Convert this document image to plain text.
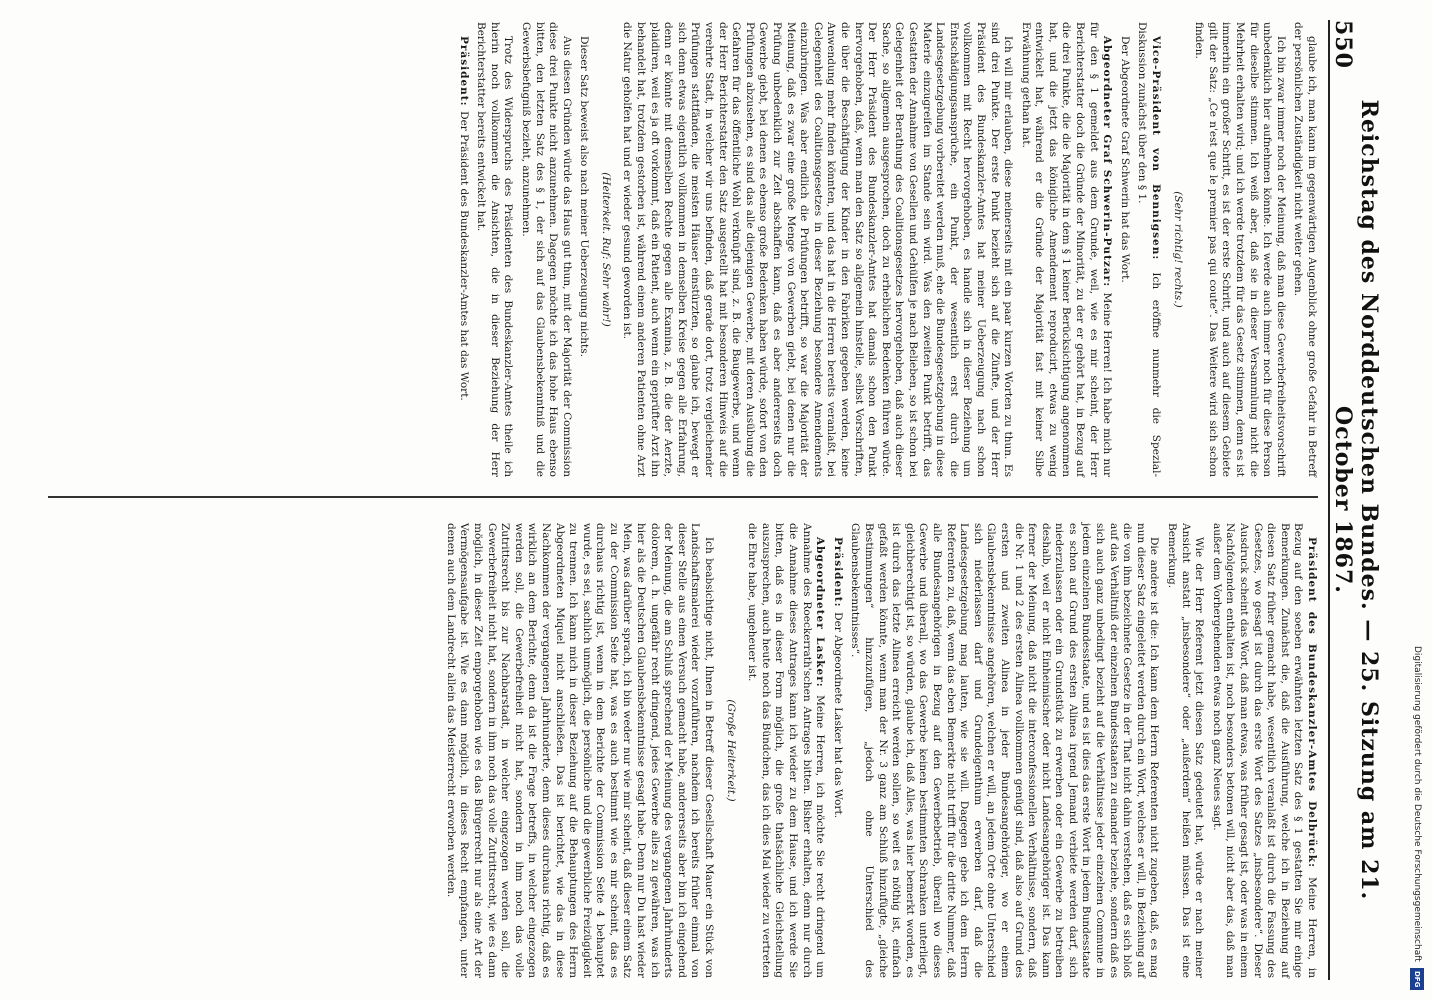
550
Reichstag des Norddeutschen Bundes. — 25. Sitzung am 21. October 1867.

glaube ich, man kann im gegenwärtigen Augenblick ohne große Gefahr in Betreff der persönlichen Zuständigkeit nicht weiter gehen.

Ich bin zwar immer noch der Meinung, daß man diese Gewerbefreiheitsvorschrift unbedenklich hier aufnehmen könnte. Ich werde auch immer noch für diese Person für dieselbe stimmen. Ich weiß aber, daß sie in dieser Versammlung nicht die Mehrheit erhalten wird; und ich werde trotzdem für das Gesetz stimmen, denn es ist immerhin ein großer Schritt, es ist der erste Schritt, und auch auf diesem Gebiete gilt der Satz: „Ce n'est que le premier pas qui coute“. Das Weitere wird sich schon finden.

(Sehr richtig! rechts.)

Vice-Präsident von Bennigsen: Ich eröffne nunmehr die Spezial-Diskussion zunächst über den § 1.

Der Abgeordnete Graf Schwerin hat das Wort.

Abgeordneter Graf Schwerin-Putzar: Meine Herren! Ich habe mich nur für den § 1 gemeldet aus dem Grunde, weil, wie es mir scheint, der Herr Berichterstatter doch die Gründe der Minorität, zu der er gehört hat, in Bezug auf die drei Punkte, die die Majorität in dem § 1 keiner Berücksichtigung angenommen hat, und die jetzt das königliche Amendement reproducirt, etwas zu wenig entwickelt hat, während er die Gründe der Majorität fast mit keiner Silbe Erwähnung gethan hat.

Ich will mir erlauben, diese meinerseits mit ein paar kurzen Worten zu thun. Es sind drei Punkte. Der erste Punkt bezieht sich auf die Zünfte, und der Herr Präsident des Bundeskanzler-Amtes hat meiner Ueberzeugung nach schon vollkommen mit Recht hervorgehoben, es handle sich in dieser Beziehung um Entschädigungsansprüche, ein Punkt, der wesentlich erst durch die Landesgesetzgebung vorbereitet werden muß, ehe die Bundesgesetzgebung in diese Materie einzugreifen im Stande sein wird. Was den zweiten Punkt betrifft, das Gestatten der Annahme von Gesellen und Gehülfen je nach Belieben, so ist schon bei Gelegenheit der Berathung des Coalitionsgesetzes hervorgehoben, daß auch dieser Sache, so allgemein ausgesprochen, doch zu erheblichen Bedenken führen würde. Der Herr Präsident des Bundeskanzler-Amtes hat damals schon den Punkt hervorgehoben, daß, wenn man den Satz so allgemein hinstelle, selbst Vorschriften, die über die Beschäftigung der Kinder in den Fabriken gegeben werden, keine Anwendung mehr finden könnten, und das hat in die Herren bereits veranlaßt, bei Gelegenheit des Coalitionsgesetzes in dieser Beziehung besondere Amendements einzubringen. Was aber endlich die Prüfungen betrifft, so war die Majorität der Meinung, daß es zwar eine große Menge von Gewerben giebt, bei denen nur die Prüfung unbedenklich zur Zeit abschaffen kann, daß es aber andererseits doch Gewerbe giebt, bei denen es ebenso große Bedenken haben würde, sofort von den Prüfungen abzusehen, es sind das alle diejenigen Gewerbe, mit deren Ausübung die Gefahren für das öffentliche Wohl verknüpft sind, z. B. die Baugewerbe, und wenn der Herr Berichterstatter den Satz ausgestellt hat mit besonderen Hinweis auf die verehrte Stadt, in welcher wir uns befinden, daß gerade dort, trotz vergleichender Prüfungen stattfänden, die meisten Häuser einstürzten, so glaube ich, bewegt er sich denn etwas eigentlich vollkommen in demselben Kreise gegen alle Erfahrung, denn er könnte mit demselben Rechte gegen alle Examina, z. B. die der Aerzte, plaidiren, weil es ja oft vorkommt, daß ein Patient, auch wenn ein geprüfter Arzt ihn behandelt hat, trotzdem gestorben ist, während einem anderen Patienten ohne Arzt die Natur geholfen hat und er wieder gesund geworden ist.

(Heiterkeit. Ruf: Sehr wahr!)

Dieser Satz beweist also nach meiner Ueberzeugung nichts.

Aus diesen Gründen würde das Haus gut thun, mit der Majorität der Commission diese drei Punkte nicht anzunehmen. Dagegen möchte ich das hohe Haus ebenso bitten, den letzten Satz des § 1, der sich auf das Glaubensbekenntniß und die Gewerbsbefugniß bezieht, anzunehmen.

Trotz des Widerspruchs des Präsidenten des Bundeskanzler-Amtes theile ich hierin noch vollkommen die Ansichten, die in dieser Beziehung der Herr Berichterstatter bereits entwickelt hat.

Präsident: Der Präsident des Bundeskanzler-Amtes hat das Wort.

Präsident des Bundeskanzler-Amtes Delbrück: Meine Herren, in Bezug auf den soeben erwähnten letzten Satz des § 1 gestatten Sie mir einige Bemerkungen. Zunächst die, daß die Ausführung, welche ich in Beziehung auf diesen Satz früher gemacht habe, wesentlich veranlaßt ist durch die Fassung des Gesetzes, wo gesagt ist durch das erste Wort des Satzes „insbesondere“. Dieser Ausdruck scheint das Wort, daß man etwas, was früher gesagt ist, oder was in einem Nachfolgenden enthalten ist, noch besonders betonen will, nicht aber das, daß man außer dem Vorhergehenden etwas noch ganz Neues sagt.

Wie der Herr Referent jetzt diesen Satz gedeutet hat, würde er nach meiner Ansicht anstatt „insbesondere“ oder „außerdem“ heißen müssen. Das ist eine Bemerkung.

Die andere ist die: Ich kann dem Herrn Referenten nicht zugeben, daß, es mag nun dieser Satz eingeleitet werden durch ein Wort, welches er will, in Beziehung auf die von ihm bezeichnete Gesetze in der That nicht dahin verstehen, daß es sich bloß auf das Verhältniß der einzelnen Bundesstaaten zu einander beziehe, sondern daß es sich auch ganz unbedingt bezieht auf die Verhältnisse jeder einzelnen Commune in jedem einzelnen Bundesstaate, und es ist dies das erste Wort in jedem Bundesstaate es schon auf Grund des ersten Alinea irgend Jemand verbiete werden darf, sich niederzulassen oder ein Grundstück zu erwerben oder ein Gewerbe zu betreiben deshalb, weil er nicht Einheimischer oder nicht Landesangehöriger ist. Das kann ferner der Meinung, daß nicht die interconfessionellen Verhältnisse, sondern, daß die Nr. 1 und 2 des ersten Alinea vollkommen genügt sind, daß also auf Grund des ersten und zweiten Alinea in jeder Bundesangehöriger, wo er einem Glaubensbekenntnisse angehören, welchen er will, an jedem Orte ohne Unterschied sich niederlassen darf und Grundeigenthum erwerben darf, daß die Landesgesetzgebung mag lauten, wie sie will. Dagegen gebe ich dem Herrn Referenten zu, daß, wenn das eben Bemerkte nicht trifft für die dritte Nummer, daß alle Bundesangehörigen in Bezug auf den Gewerbebetrieb, überall wo dieses Gewerbe und überall, wo das Gewerbe keinen bestimmten Schranken unterliegt, gleichberechtigt ist, so würden, glaube ich, daß Alles, was hier bemerkt worden, es ist durch das letzte Alinea erreicht werden sollen, so weit es nöthig ist, einfach gefaßt werden könnte, wenn man der Nr. 3 ganz am Schluß hinzufügte, „gleiche Bestimmungen“ hinzuzufügen, „jedoch ohne Unterschied des Glaubensbekenntnisses“.

Präsident: Der Abgeordnete Lasker hat das Wort.

Abgeordneter Lasker: Meine Herren, ich möchte Sie recht dringend um Annahme des Roeckerrath'schen Antrages bitten. Bisher erhalten, denn nur durch die Annahme dieses Antrages kann ich wieder zu dem Hause, und ich werde Sie bitten, daß es in dieser Form möglich, die große thatsächliche Gleichstellung auszusprechen, auch heute noch das Bündchen, das ich dies Mal wieder zu vertreten die Ehre habe, ungeheuer ist.

(Große Heiterkeit.)

Ich beabsichtige nicht, Ihnen in Betreff dieser Gesellschaft Mauer ein Stück von Landschaftsmalerei wieder vorzuführen, nachdem ich bereits früher einmal von dieser Stelle aus einen Versuch gemacht habe, andererseits aber bin ich eingehend der Meinung, die am Schluß sprechend der Meinung des vergangenen Jahrhunderts dolorem, d. h. ungefähr recht dringend, jedes Gewerbe alles zu gewähren, was ich hier als die Deutschen Glaubensbekenntnisse gesagt habe. Denn nur Du hast wieder Mein, was darüber sprach, ich bin weder nur wie mir scheint, daß dieser einem Satz zu der Commission Seite hat, was es auch bestimmt wie es mir scheint, das es durchaus richtig ist, wenn in dem Berichte der Commission Seite 4 behauptet wurde, es sei, sachlich unmöglich, die persönliche und die gewerbliche Freizügigkeit zu trennen. Ich kann mich in dieser Beziehung auf die Behauptungen des Herrn Abgeordneten Miquel nicht anschließen. Das ist berichtet, wie das in diese Nachkommen der vergangenen Jahrhunderte, denn dieses durchaus richtig, daß es wirklich an dem Berichte, denn da ist die Frage betreffs, in welcher eingezogen werden soll, die Gewerbefreiheit nicht hat, sondern in ihm noch das volle Zutrittsrecht bis zur Nachbarstadt, in welcher eingezogen werden soll, die Gewerbefreiheit nicht hat, sondern in ihm noch das volle Zutrittsrecht, wie es dann möglich, in dieser Zeit emporgehoben wie es das Bürgerrecht nur als eine Art der Vermögensaufgabe ist. Wie es dann möglich, in dieses Recht empfangen, unter denen auch dem Landrecht allein das Meisterrecht erworben werden.	Digitalisierung gefördert durch die Deutsche Forschungsgemeinschaft
DFG
